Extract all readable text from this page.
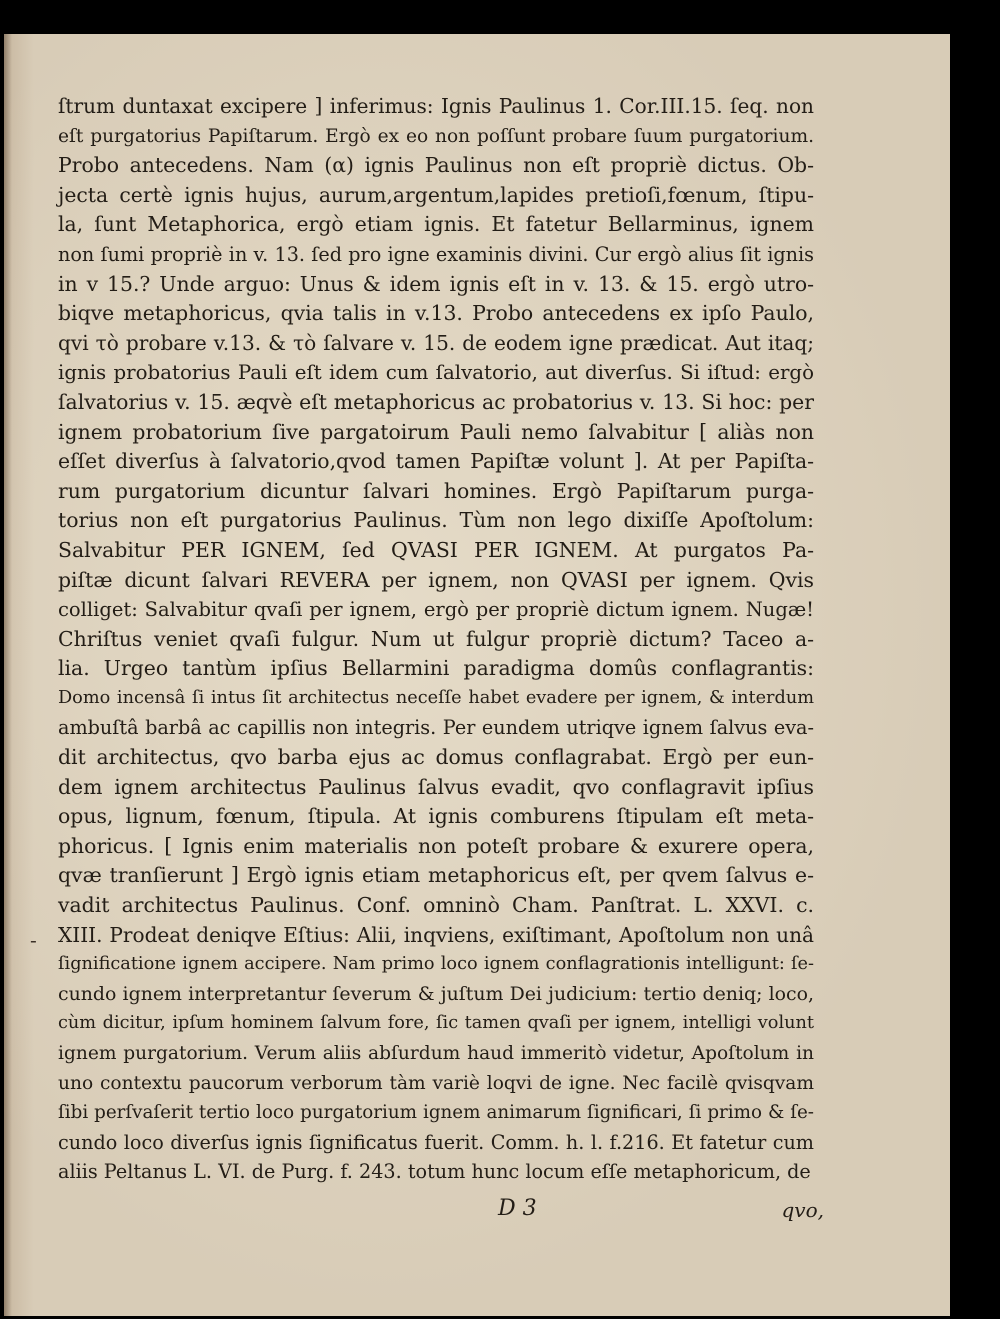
-
ſtrum duntaxat excipere ] inferimus: Ignis Paulinus 1. Cor.III.15. ſeq. non
eſt purgatorius Papiſtarum. Ergò ex eo non poſſunt probare ſuum purgatorium.
Probo antecedens. Nam (α) ignis Paulinus non eſt propriè dictus. Ob-
jecta certè ignis hujus, aurum,argentum,lapides pretioſi,fœnum, ſtipu-
la, ſunt Metaphorica, ergò etiam ignis. Et fatetur Bellarminus, ignem
non ſumi propriè in v. 13. ſed pro igne examinis divini. Cur ergò alius ſit ignis
in v 15.? Unde arguo: Unus & idem ignis eſt in v. 13. & 15. ergò utro-
biqve metaphoricus, qvia talis in v.13. Probo antecedens ex ipſo Paulo,
qvi τὸ probare v.13. & τὸ ſalvare v. 15. de eodem igne prædicat. Aut itaq;
ignis probatorius Pauli eſt idem cum ſalvatorio, aut diverſus. Si iſtud: ergò
ſalvatorius v. 15. æqvè eſt metaphoricus ac probatorius v. 13. Si hoc: per
ignem probatorium ſive pargatoirum Pauli nemo ſalvabitur [ aliàs non
eſſet diverſus à ſalvatorio,qvod tamen Papiſtæ volunt ]. At per Papiſta-
rum purgatorium dicuntur ſalvari homines. Ergò Papiſtarum purga-
torius non eſt purgatorius Paulinus. Tùm non lego dixiſſe Apoſtolum:
Salvabitur PER IGNEM, ſed QVASI PER IGNEM. At purgatos Pa-
piſtæ dicunt ſalvari REVERA per ignem, non QVASI per ignem. Qvis
colliget: Salvabitur qvaſi per ignem, ergò per propriè dictum ignem. Nugæ!
Chriſtus veniet qvaſi fulgur. Num ut fulgur propriè dictum? Taceo a-
lia. Urgeo tantùm ipſius Bellarmini paradigma domûs conflagrantis:
Domo incensâ ſi intus ſit architectus neceſſe habet evadere per ignem, & interdum
ambuſtâ barbâ ac capillis non integris. Per eundem utriqve ignem ſalvus eva-
dit architectus, qvo barba ejus ac domus conflagrabat. Ergò per eun-
dem ignem architectus Paulinus ſalvus evadit, qvo conflagravit ipſius
opus, lignum, fœnum, ſtipula. At ignis comburens ſtipulam eſt meta-
phoricus. [ Ignis enim materialis non poteſt probare & exurere opera,
qvæ tranſierunt ] Ergò ignis etiam metaphoricus eſt, per qvem ſalvus e-
vadit architectus Paulinus. Conf. omninò Cham. Panſtrat. L. XXVI. c.
XIII. Prodeat deniqve Eſtius: Alii, inqviens, exiſtimant, Apoſtolum non unâ
ſignificatione ignem accipere. Nam primo loco ignem conflagrationis intelligunt: ſe-
cundo ignem interpretantur ſeverum & juſtum Dei judicium: tertio deniq; loco,
cùm dicitur, ipſum hominem ſalvum fore, ſic tamen qvaſi per ignem, intelligi volunt
ignem purgatorium. Verum aliis abſurdum haud immeritò videtur, Apoſtolum in
uno contextu paucorum verborum tàm variè loqvi de igne. Nec facilè qvisqvam
ſibi perſvaſerit tertio loco purgatorium ignem animarum ſignificari, ſi primo & ſe-
cundo loco diverſus ignis ſignificatus fuerit. Comm. h. l. f.216. Et fatetur cum
aliis Peltanus L. VI. de Purg. f. 243. totum hunc locum eſſe metaphoricum, de
D 3	qvo,
